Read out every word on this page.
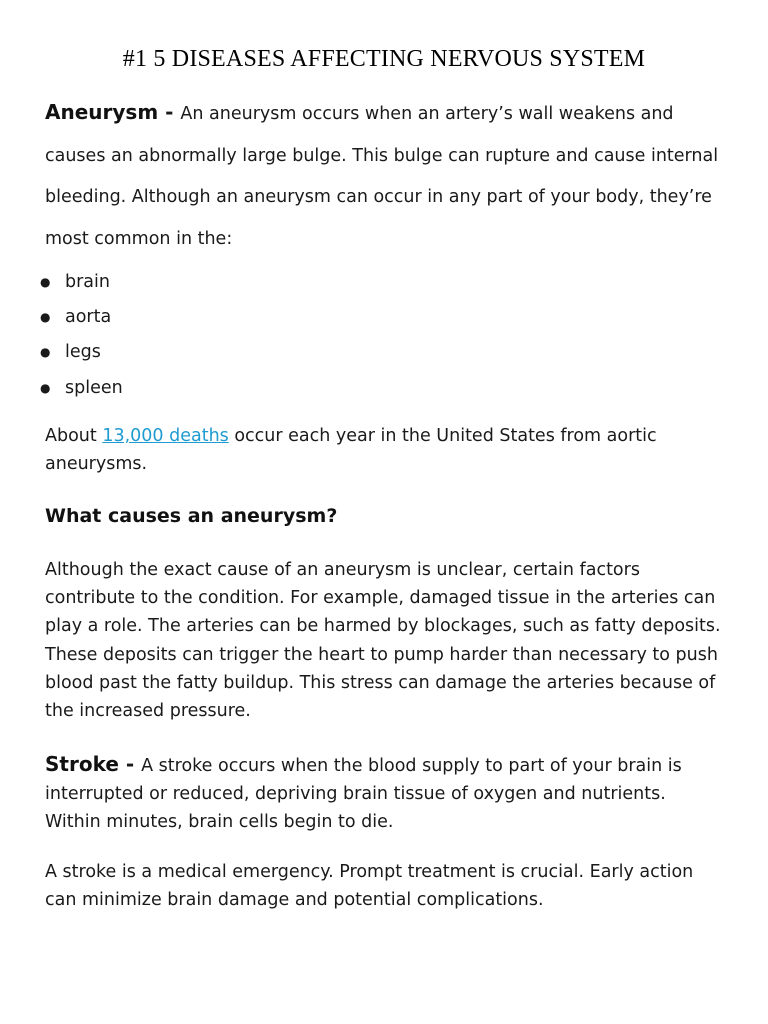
#1 5 DISEASES AFFECTING NERVOUS SYSTEM

Aneurysm - An aneurysm occurs when an artery’s wall weakens and causes an abnormally large bulge. This bulge can rupture and cause internal bleeding. Although an aneurysm can occur in any part of your body, they’re most common in the:

● brain
● aorta
● legs
● spleen

About 13,000 deaths occur each year in the United States from aortic aneurysms.

What causes an aneurysm?

Although the exact cause of an aneurysm is unclear, certain factors contribute to the condition. For example, damaged tissue in the arteries can play a role. The arteries can be harmed by blockages, such as fatty deposits. These deposits can trigger the heart to pump harder than necessary to push blood past the fatty buildup. This stress can damage the arteries because of the increased pressure.

Stroke - A stroke occurs when the blood supply to part of your brain is interrupted or reduced, depriving brain tissue of oxygen and nutrients. Within minutes, brain cells begin to die.

A stroke is a medical emergency. Prompt treatment is crucial. Early action can minimize brain damage and potential complications.
